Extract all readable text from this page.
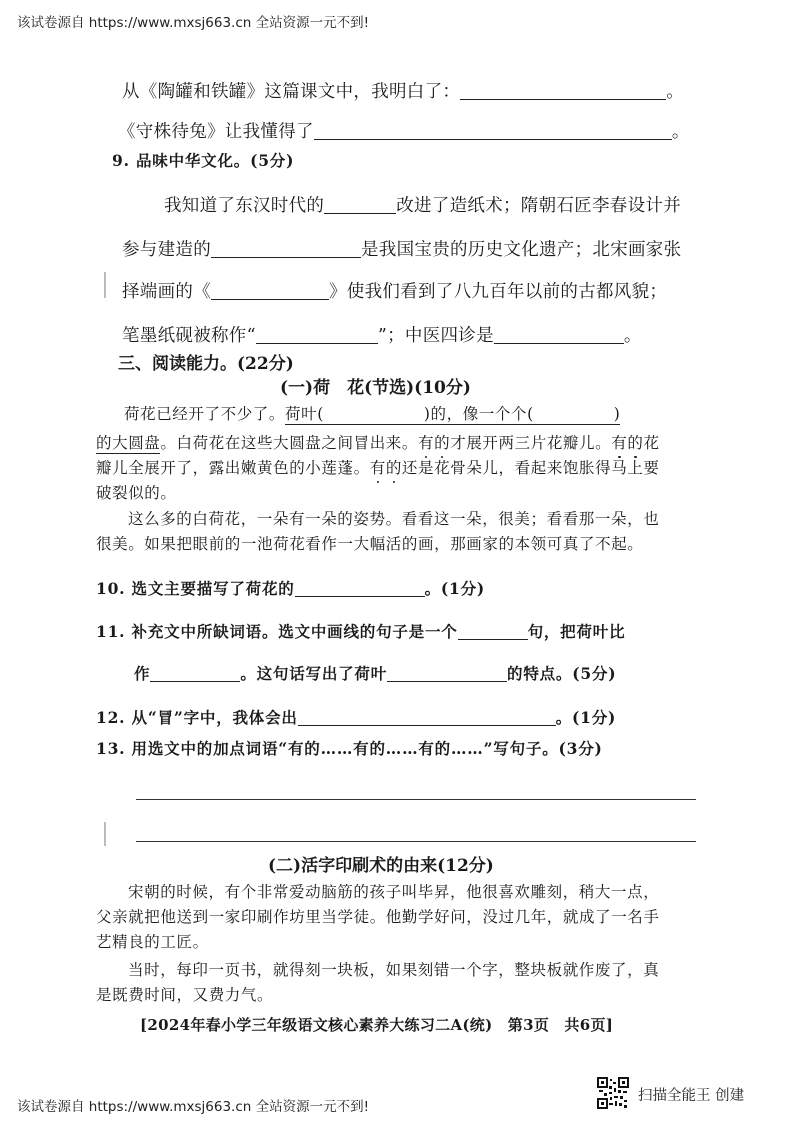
该试卷源自 https://www.mxsj663.cn 全站资源一元不到!
从《陶罐和铁罐》这篇课文中，我明白了：	。
《守株待兔》让我懂得了	。
9. 品味中华文化。(5分)
我知道了东汉时代的	改进了造纸术；隋朝石匠李春设计并
参与建造的	是我国宝贵的历史文化遗产；北宋画家张
择端画的《	》使我们看到了八九百年以前的古都风貌；
笔墨纸砚被称作“	”；中医四诊是	。
三、阅读能力。(22分)
(一)荷　花(节选)(10分)
荷花已经开了不少了。荷叶(	)的，像一个个(	)
的大圆盘。白荷花在这些大圆盘之间冒出来。有的才展开两三片花瓣儿。有的花
瓣儿全展开了，露出嫩黄色的小莲蓬。有的还是花骨朵儿，看起来饱胀得马上要
破裂似的。
这么多的白荷花，一朵有一朵的姿势。看看这一朵，很美；看看那一朵，也
很美。如果把眼前的一池荷花看作一大幅活的画，那画家的本领可真了不起。
10. 选文主要描写了荷花的	。(1分)
11. 补充文中所缺词语。选文中画线的句子是一个	句，把荷叶比
作	。这句话写出了荷叶	的特点。(5分)
12. 从“冒”字中，我体会出	。(1分)
13. 用选文中的加点词语“有的……有的……有的……”写句子。(3分)
(二)活字印刷术的由来(12分)
宋朝的时候，有个非常爱动脑筋的孩子叫毕昇，他很喜欢雕刻，稍大一点，
父亲就把他送到一家印刷作坊里当学徒。他勤学好问，没过几年，就成了一名手
艺精良的工匠。
当时，每印一页书，就得刻一块板，如果刻错一个字，整块板就作废了，真
是既费时间，又费力气。
[2024年春小学三年级语文核心素养大练习二A(统)　第3页　共6页]
该试卷源自 https://www.mxsj663.cn 全站资源一元不到!
扫描全能王 创建
